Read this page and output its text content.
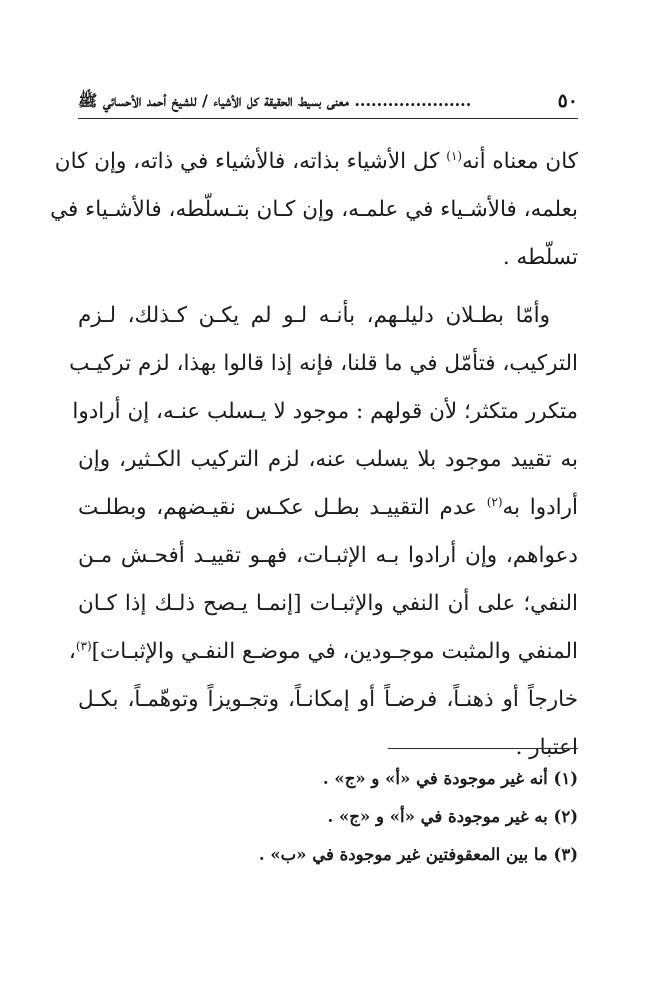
٥٠
..................... معنى بسيط الحقيقة كل الأشياء / للشيخ أحمد الأحسائي ﷺ
كان معناه أنه$^{(١)}$ كل الأشياء بذاته، فالأشياء في ذاته، وإن كان
بعلمه، فالأشـياء في علمـه، وإن كـان بتـسلّطه، فالأشـياء في
تسلّطه .
وأمّا بطـلان دليلـهم، بأنـه لـو لم يكـن كـذلك، لـزم
التركيب، فتأمّل في ما قلنا، فإنه إذا قالوا بهذا، لزم تركيـب
متكرر متكثر؛ لأن قولهم : موجود لا يـسلب عنـه، إن أرادوا
به تقييد موجود بلا يسلب عنه، لزم التركيب الكـثير، وإن
أرادوا به$^{(٢)}$ عدم التقييـد بطـل عكـس نقيـضهم، وبطلـت
دعواهم، وإن أرادوا بـه الإثبـات، فهـو تقييـد أفحـش مـن
النفي؛ على أن النفي والإثبـات [إنمـا يـصح ذلـك إذا كـان
المنفي والمثبت موجـودين، في موضـع النفـي والإثبـات]$^{(٣)}$،
خارجاً أو ذهنـاً، فرضـاً أو إمكانـاً، وتجـويزاً وتوهّمـاً، بكـل
اعتبار .
(١) أنه غير موجودة في «أ» و «ج» .
(٢) به غير موجودة في «أ» و «ج» .
(٣) ما بين المعقوفتين غير موجودة في «ب» .
